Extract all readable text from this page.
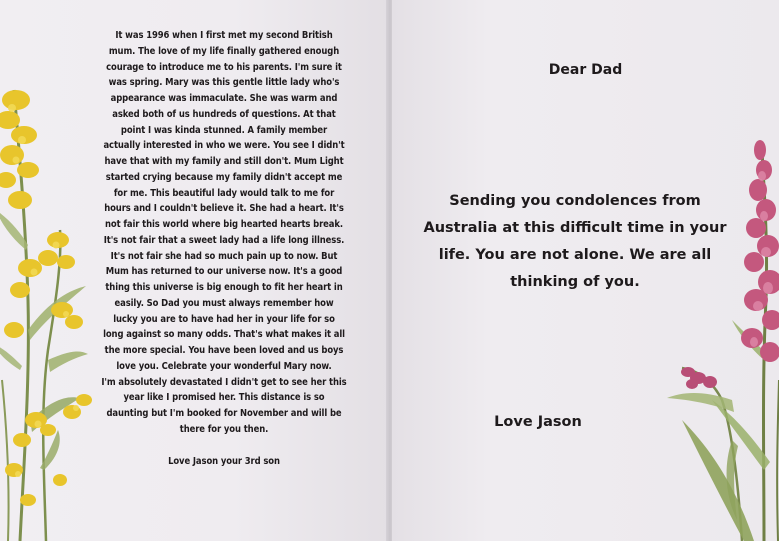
It was 1996 when I first met my second British
mum. The love of my life finally gathered enough
courage to introduce me to his parents. I'm sure it
was spring. Mary was this gentle little lady who's
appearance was immaculate. She was warm and
asked both of us hundreds of questions. At that
point I was kinda stunned. A family member
actually interested in who we were. You see I didn't
have that with my family and still don't. Mum Light
started crying because my family didn't accept me
for me. This beautiful lady would talk to me for
hours and I couldn't believe it. She had a heart. It's
not fair this world where big hearted hearts break.
It's not fair that a sweet lady had a life long illness.
It's not fair she had so much pain up to now. But
Mum has returned to our universe now. It's a good
thing this universe is big enough to fit her heart in
easily. So Dad you must always remember how
lucky you are to have had her in your life for so
long against so many odds. That's what makes it all
the more special. You have been loved and us boys
love you. Celebrate your wonderful Mary now.
I'm absolutely devastated I didn't get to see her this
year like I promised her. This distance is so
daunting but I'm booked for November and will be
there for you then.

Love Jason your 3rd son

Dear Dad
Sending you condolences from Australia at this difficult time in your life. You are not alone. We are all thinking of you.
Love Jason
